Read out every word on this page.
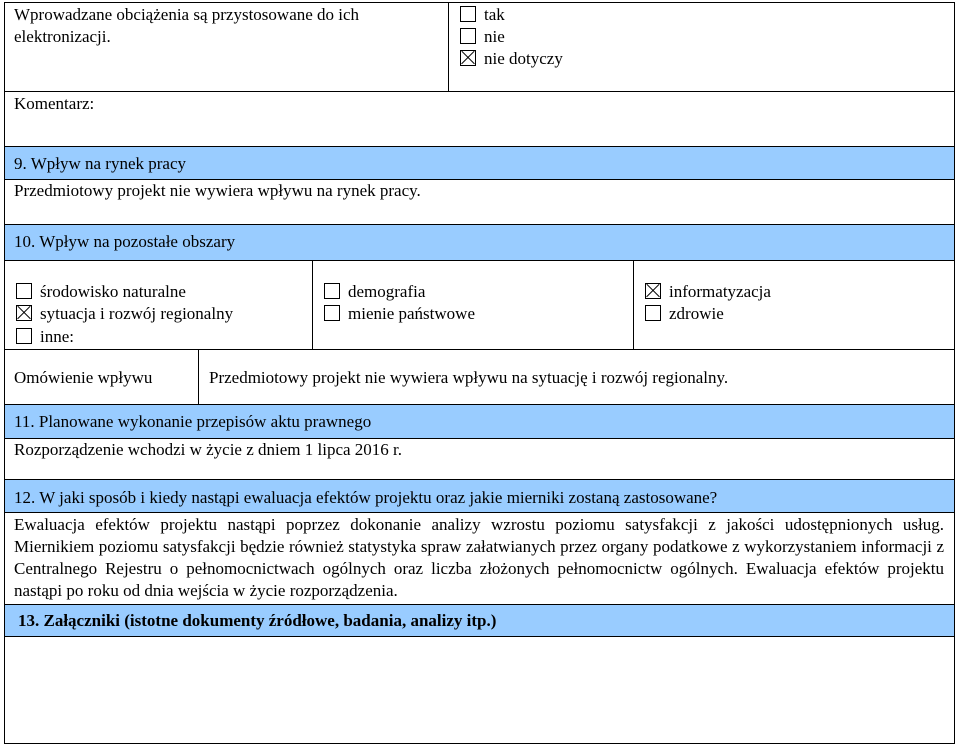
Wprowadzane obciążenia są przystosowane do ich elektronizacji.
tak
nie
nie dotyczy
Komentarz:
9. Wpływ na rynek pracy
Przedmiotowy projekt nie wywiera wpływu na rynek pracy.
10. Wpływ na pozostałe obszary
środowisko naturalne
sytuacja i rozwój regionalny
inne:
demografia
mienie państwowe
informatyzacja
zdrowie
Omówienie wpływu	Przedmiotowy projekt nie wywiera wpływu na sytuację i rozwój regionalny.
11. Planowane wykonanie przepisów aktu prawnego
Rozporządzenie wchodzi w życie z dniem 1 lipca 2016 r.
12. W jaki sposób i kiedy nastąpi ewaluacja efektów projektu oraz jakie mierniki zostaną zastosowane?
Ewaluacja efektów projektu nastąpi poprzez dokonanie analizy wzrostu poziomu satysfakcji z jakości udostępnionych usług. Miernikiem poziomu satysfakcji będzie również statystyka spraw załatwianych przez organy podatkowe z wykorzystaniem informacji z Centralnego Rejestru o pełnomocnictwach ogólnych oraz liczba złożonych pełnomocnictw ogólnych. Ewaluacja efektów projektu nastąpi po roku od dnia wejścia w życie rozporządzenia.
13. Załączniki (istotne dokumenty źródłowe, badania, analizy itp.)
